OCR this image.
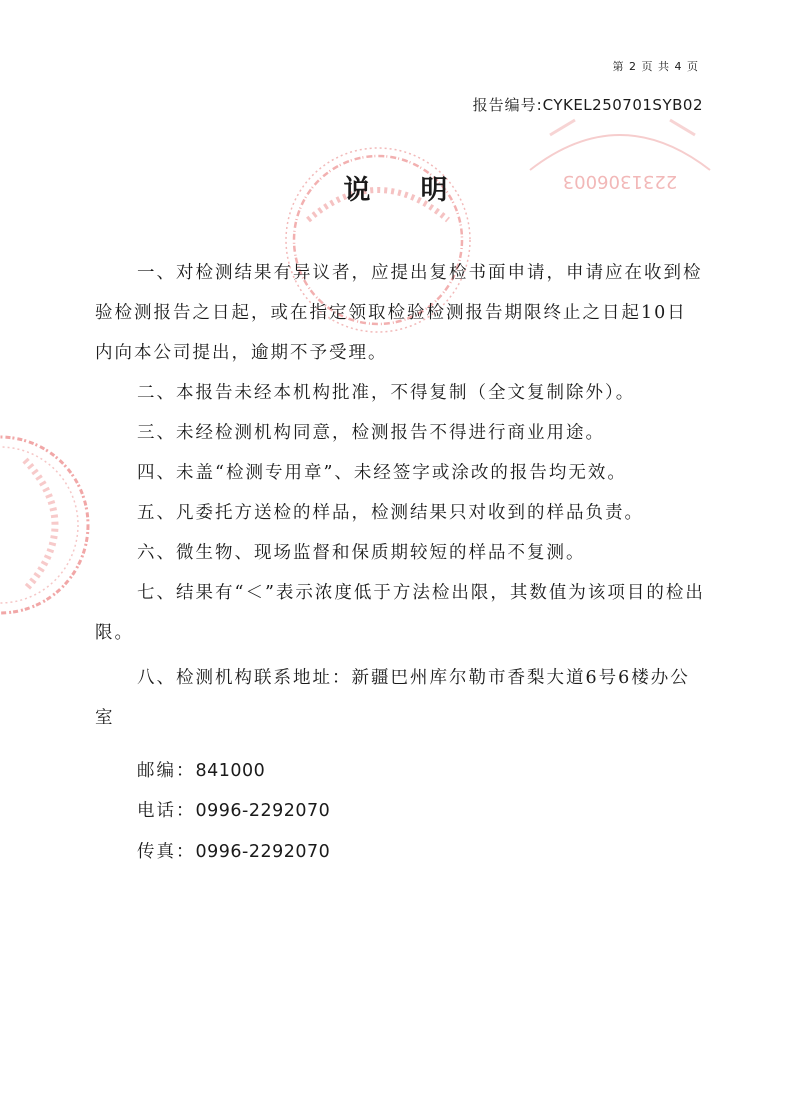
2231306003
第 2 页 共 4 页
报告编号:CYKEL250701SYB02
说明

一、对检测结果有异议者，应提出复检书面申请，申请应在收到检验检测报告之日起，或在指定领取检验检测报告期限终止之日起10日内向本公司提出，逾期不予受理。

二、本报告未经本机构批准，不得复制（全文复制除外）。

三、未经检测机构同意，检测报告不得进行商业用途。

四、未盖“检测专用章”、未经签字或涂改的报告均无效。

五、凡委托方送检的样品，检测结果只对收到的样品负责。

六、微生物、现场监督和保质期较短的样品不复测。

七、结果有“＜”表示浓度低于方法检出限，其数值为该项目的检出限。

八、检测机构联系地址：新疆巴州库尔勒市香梨大道6号6楼办公室

邮编：841000

电话：0996-2292070

传真：0996-2292070
